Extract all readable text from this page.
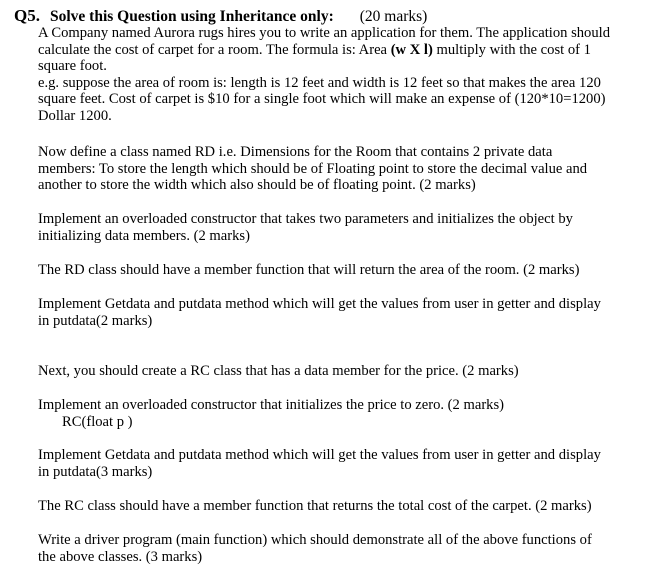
Q5. Solve this Question using Inheritance only: (20 marks)
A Company named Aurora rugs hires you to write an application for them. The application should
calculate the cost of carpet for a room. The formula is: Area (w X l) multiply with the cost of 1
square foot.
e.g. suppose the area of room is: length is 12 feet and width is 12 feet so that makes the area 120
square feet. Cost of carpet is $10 for a single foot which will make an expense of (120*10=1200)
Dollar 1200.
Now define a class named RD i.e. Dimensions for the Room that contains 2 private data
members: To store the length which should be of Floating point to store the decimal value and
another to store the width which also should be of floating point. (2 marks)
Implement an overloaded constructor that takes two parameters and initializes the object by
initializing data members. (2 marks)
The RD class should have a member function that will return the area of the room. (2 marks)
Implement Getdata and putdata method which will get the values from user in getter and display
in putdata(2 marks)
Next, you should create a RC class that has a data member for the price. (2 marks)
Implement an overloaded constructor that initializes the price to zero. (2 marks)
RC(float p )
Implement Getdata and putdata method which will get the values from user in getter and display
in putdata(3 marks)
The RC class should have a member function that returns the total cost of the carpet. (2 marks)
Write a driver program (main function) which should demonstrate all of the above functions of
the above classes. (3 marks)
